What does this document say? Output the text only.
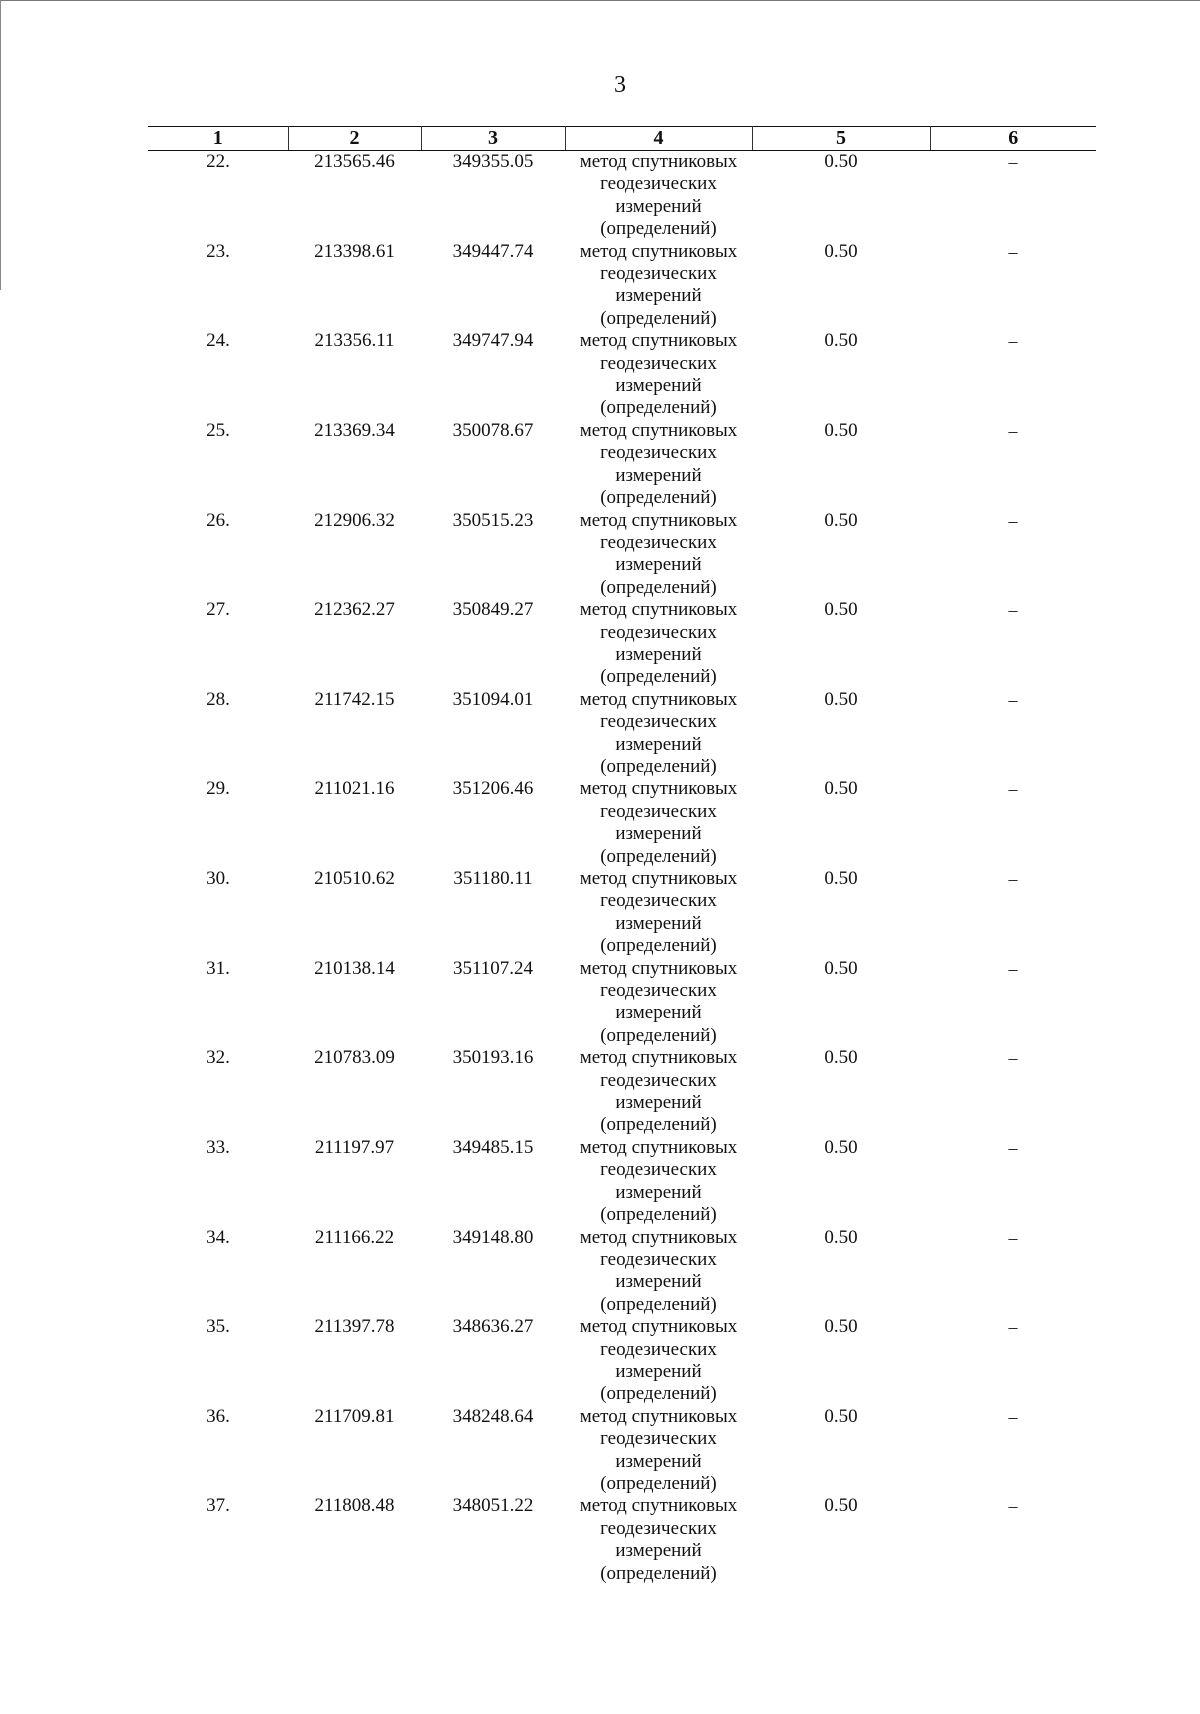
3
1	2	3	4	5	6
22.	213565.46	349355.05	метод спутниковых геодезических измерений (определений)	0.50	–
23.	213398.61	349447.74	метод спутниковых геодезических измерений (определений)	0.50	–
24.	213356.11	349747.94	метод спутниковых геодезических измерений (определений)	0.50	–
25.	213369.34	350078.67	метод спутниковых геодезических измерений (определений)	0.50	–
26.	212906.32	350515.23	метод спутниковых геодезических измерений (определений)	0.50	–
27.	212362.27	350849.27	метод спутниковых геодезических измерений (определений)	0.50	–
28.	211742.15	351094.01	метод спутниковых геодезических измерений (определений)	0.50	–
29.	211021.16	351206.46	метод спутниковых геодезических измерений (определений)	0.50	–
30.	210510.62	351180.11	метод спутниковых геодезических измерений (определений)	0.50	–
31.	210138.14	351107.24	метод спутниковых геодезических измерений (определений)	0.50	–
32.	210783.09	350193.16	метод спутниковых геодезических измерений (определений)	0.50	–
33.	211197.97	349485.15	метод спутниковых геодезических измерений (определений)	0.50	–
34.	211166.22	349148.80	метод спутниковых геодезических измерений (определений)	0.50	–
35.	211397.78	348636.27	метод спутниковых геодезических измерений (определений)	0.50	–
36.	211709.81	348248.64	метод спутниковых геодезических измерений (определений)	0.50	–
37.	211808.48	348051.22	метод спутниковых геодезических измерений (определений)	0.50	–
